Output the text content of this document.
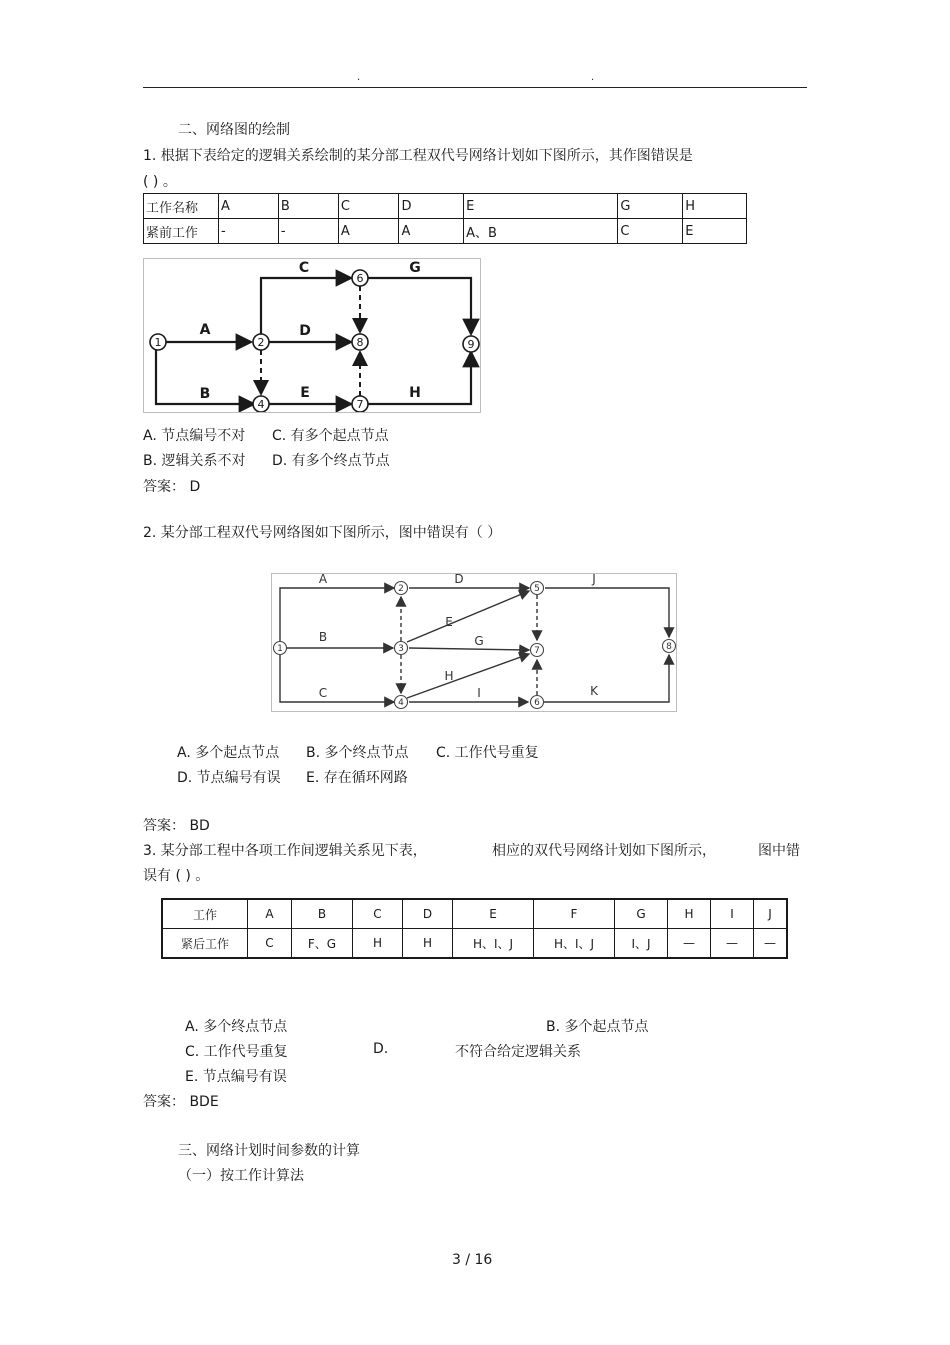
.	.
二、网络图的绘制
1. 根据下表给定的逻辑关系绘制的某分部工程双代号网络计划如下图所示，其作图错误是
( ) 。
工作名称	A	B	C	D	E	G	H
紧前工作	-	-	A	A	A、B	C	E
1	2
4
6
7
8	9
A
B
C
D
E
G
H
A. 节点编号不对 C. 有多个起点节点
B. 逻辑关系不对 D. 有多个终点节点
答案： D
2. 某分部工程双代号网络图如下图所示，图中错误有（ ）
1
2
3
4
5
6
7	8
A
B
C
D
E
G
H
I
J
K
A. 多个起点节点 B. 多个终点节点 C. 工作代号重复
D. 节点编号有误 E. 存在循环网路
答案： BD
3. 某分部工程中各项工作间逻辑关系见下表，	相应的双代号网络计划如下图所示，	图中错
误有 ( ) 。
工作	A	B	C	D	E	F	G	H	I	J
紧后工作	C	F、G	H	H	H、I、J	H、I、J	I、J	—	—	—
A. 多个终点节点	B. 多个起点节点
C. 工作代号重复	D.	不符合给定逻辑关系
E. 节点编号有误
答案： BDE
三、网络计划时间参数的计算
（一）按工作计算法
3 / 16
